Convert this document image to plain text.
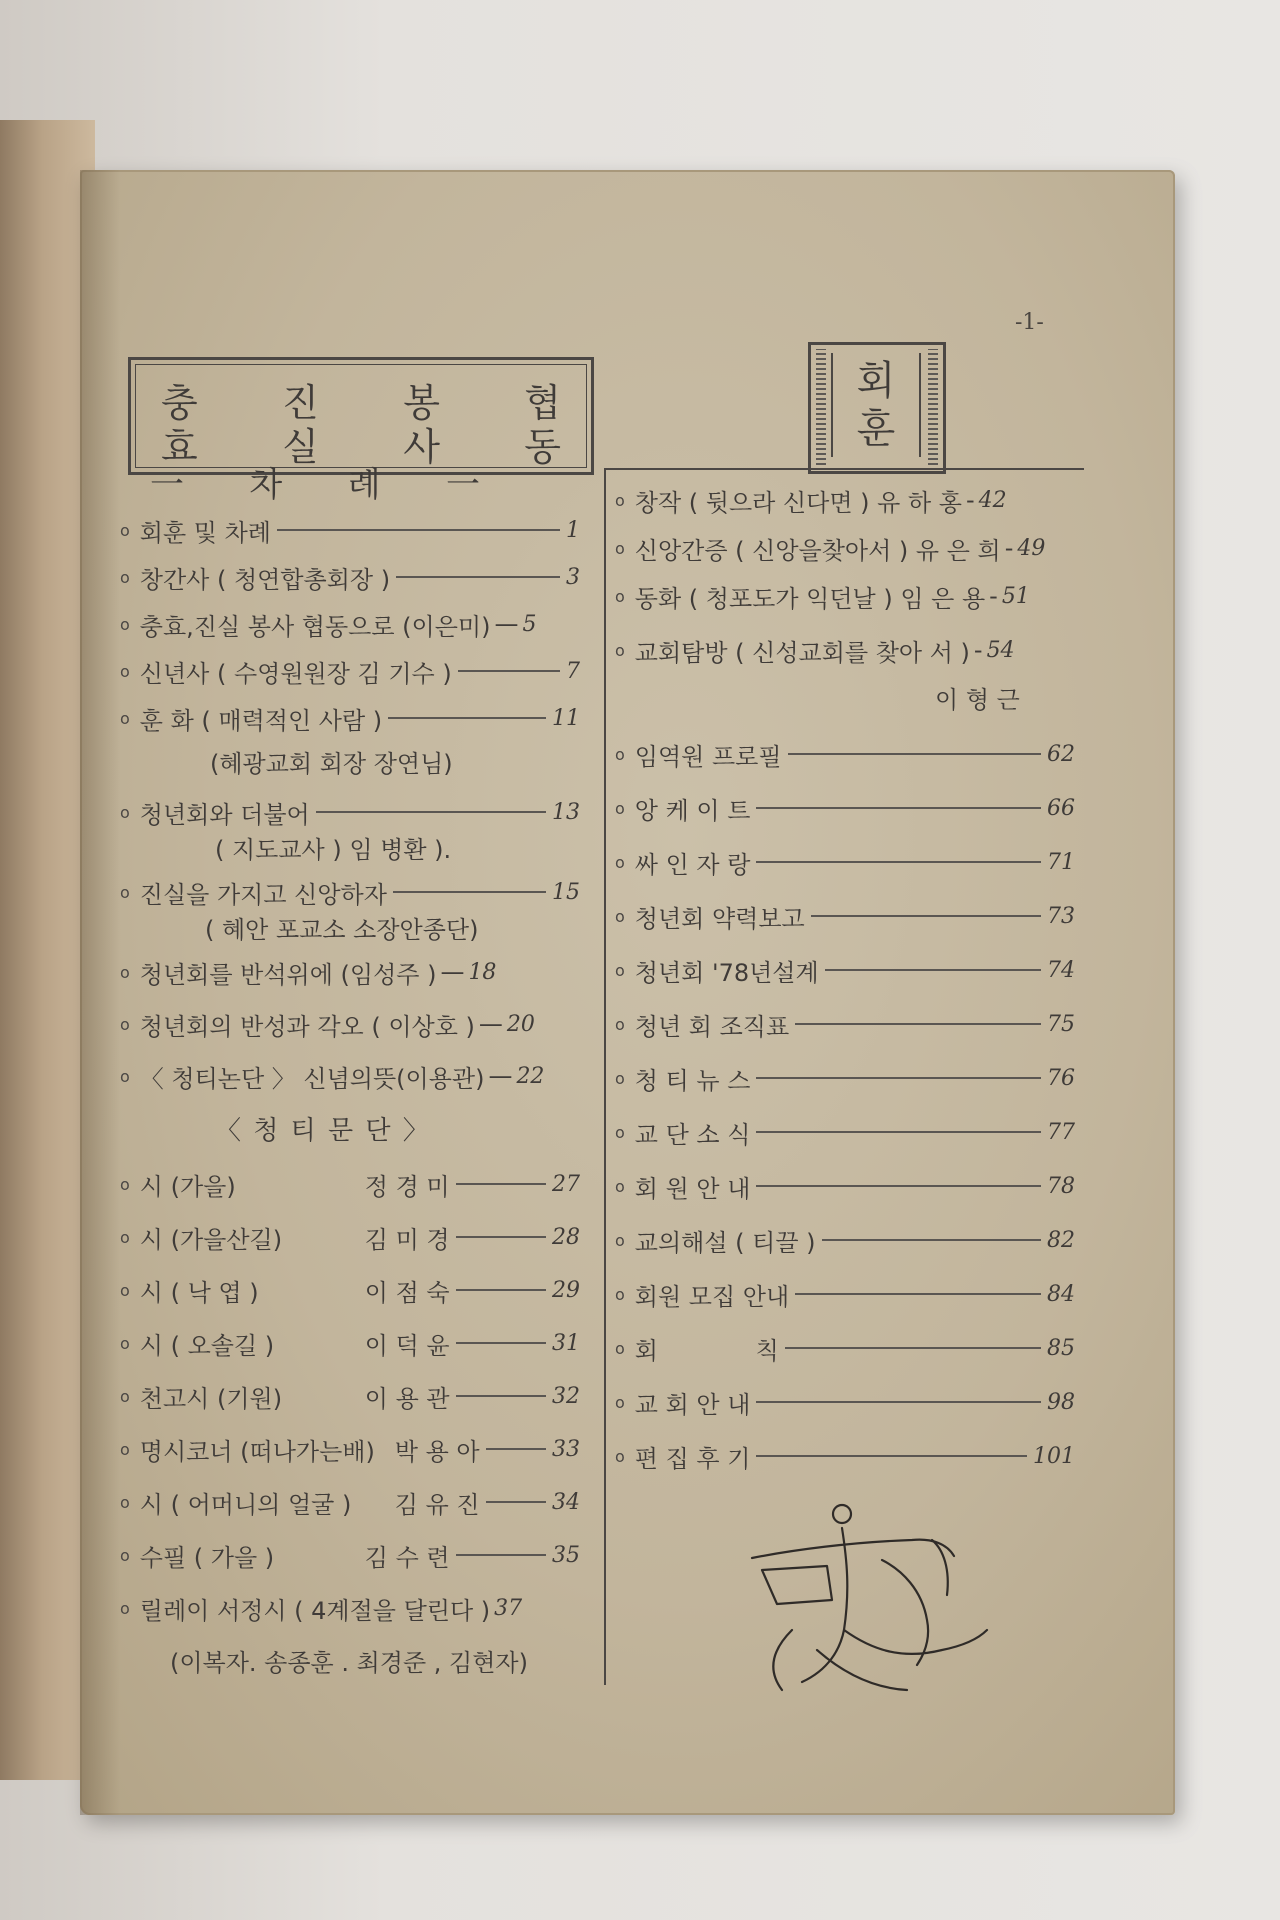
-1-
충 진 봉 협
효 실 사 동
회
훈
一 차 례 一
o 회훈 및 차례	1
o 창간사 ( 청연합총회장 )	3
o 충효,진실 봉사 협동으로 (이은미) — 5
o 신년사 ( 수영원원장 김 기수 )	7
o 훈 화 ( 매력적인 사람 )	11
(혜광교회 회장 장연님)
o 청년회와 더불어	13
( 지도교사 ) 임 병환 ).
o 진실을 가지고 신앙하자	15
( 혜안 포교소 소장안종단)
o 청년회를 반석위에 (임성주 ) — 18
o 청년회의 반성과 각오 ( 이상호 ) — 20
o 〈 청티논단 〉 신념의뜻(이용관) — 22
〈 청 티 문 단 〉
o 시 (가을)	정 경 미	27
o 시 (가을산길)	김 미 경	28
o 시 ( 낙 엽 )	이 점 숙	29
o 시 ( 오솔길 )	이 덕 윤	31
o 천고시 (기원)	이 용 관	32
o 명시코너 (떠나가는배) 박 용 아	33
o 시 ( 어머니의 얼굴 )	김 유 진	34
o 수필 ( 가을 )	김 수 련	35
o 릴레이 서정시 ( 4계절을 달린다 ) 37
(이복자. 송종훈 . 최경준 , 김현자)
o 창작 ( 뒷으라 신다면 ) 유 하 홍 - 42
o 신앙간증 ( 신앙을찾아서 ) 유 은 희 - 49
o 동화 ( 청포도가 익던날 ) 임 은 용 - 51
o 교회탐방 ( 신성교회를 찾아 서 ) - 54
이 형 근
o 임역원 프로필	62
o 앙 케 이 트	66
o 싸 인 자 랑	71
o 청년회 약력보고	73
o 청년회 '78년설계	74
o 청년 회 조직표	75
o 청 티 뉴 스	76
o 교 단 소 식	77
o 회 원 안 내	78
o 교의해설 ( 티끌 )	82
o 회원 모집 안내	84
o 회 칙	85
o 교 회 안 내	98
o 편 집 후 기	101
